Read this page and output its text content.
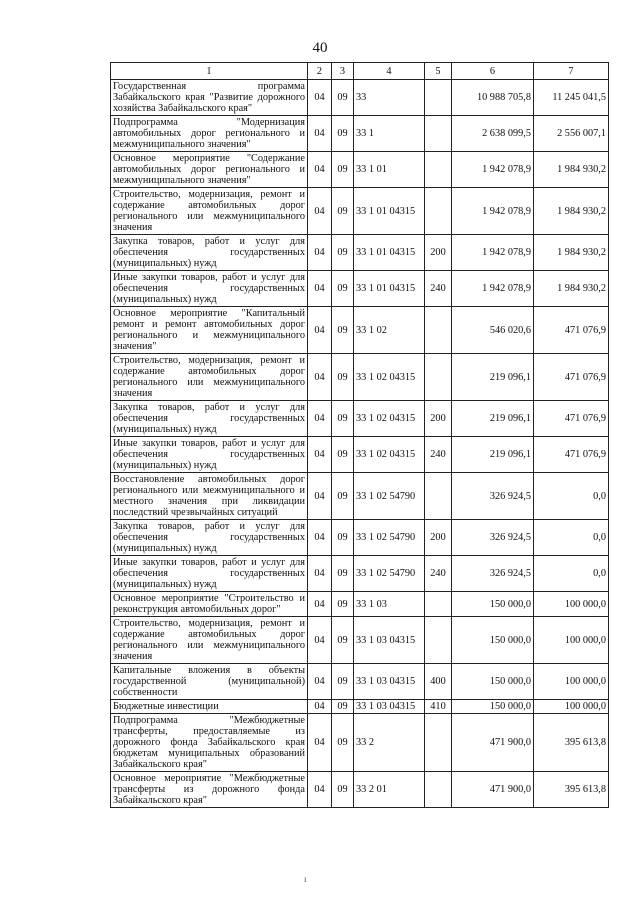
40
1	2	3	4	5	6	7
Государственная программа Забайкальского края "Развитие дорожного хозяйства Забайкальского края"	04	09	33		10 988 705,8	11 245 041,5
Подпрограмма "Модернизация автомобильных дорог регионального и межмуниципального значения"	04	09	33 1		2 638 099,5	2 556 007,1
Основное мероприятие "Содержание автомобильных дорог регионального и межмуниципального значения"	04	09	33 1 01		1 942 078,9	1 984 930,2
Строительство, модернизация, ремонт и содержание автомобильных дорог регионального или межмуниципального значения	04	09	33 1 01 04315		1 942 078,9	1 984 930,2
Закупка товаров, работ и услуг для обеспечения государственных (муниципальных) нужд	04	09	33 1 01 04315	200	1 942 078,9	1 984 930,2
Иные закупки товаров, работ и услуг для обеспечения государственных (муниципальных) нужд	04	09	33 1 01 04315	240	1 942 078,9	1 984 930,2
Основное мероприятие "Капитальный ремонт и ремонт автомобильных дорог регионального и межмуниципального значения"	04	09	33 1 02		546 020,6	471 076,9
Строительство, модернизация, ремонт и содержание автомобильных дорог регионального или межмуниципального значения	04	09	33 1 02 04315		219 096,1	471 076,9
Закупка товаров, работ и услуг для обеспечения государственных (муниципальных) нужд	04	09	33 1 02 04315	200	219 096,1	471 076,9
Иные закупки товаров, работ и услуг для обеспечения государственных (муниципальных) нужд	04	09	33 1 02 04315	240	219 096,1	471 076,9
Восстановление автомобильных дорог регионального или межмуниципального и местного значения при ликвидации последствий чрезвычайных ситуаций	04	09	33 1 02 54790		326 924,5	0,0
Закупка товаров, работ и услуг для обеспечения государственных (муниципальных) нужд	04	09	33 1 02 54790	200	326 924,5	0,0
Иные закупки товаров, работ и услуг для обеспечения государственных (муниципальных) нужд	04	09	33 1 02 54790	240	326 924,5	0,0
Основное мероприятие "Строительство и реконструкция автомобильных дорог"	04	09	33 1 03		150 000,0	100 000,0
Строительство, модернизация, ремонт и содержание автомобильных дорог регионального или межмуниципального значения	04	09	33 1 03 04315		150 000,0	100 000,0
Капитальные вложения в объекты государственной (муниципальной) собственности	04	09	33 1 03 04315	400	150 000,0	100 000,0
Бюджетные инвестиции	04	09	33 1 03 04315	410	150 000,0	100 000,0
Подпрограмма "Межбюджетные трансферты, предоставляемые из дорожного фонда Забайкальского края бюджетам муниципальных образований Забайкальского края"	04	09	33 2		471 900,0	395 613,8
Основное мероприятие "Межбюджетные трансферты из дорожного фонда Забайкальского края"	04	09	33 2 01		471 900,0	395 613,8
ı
